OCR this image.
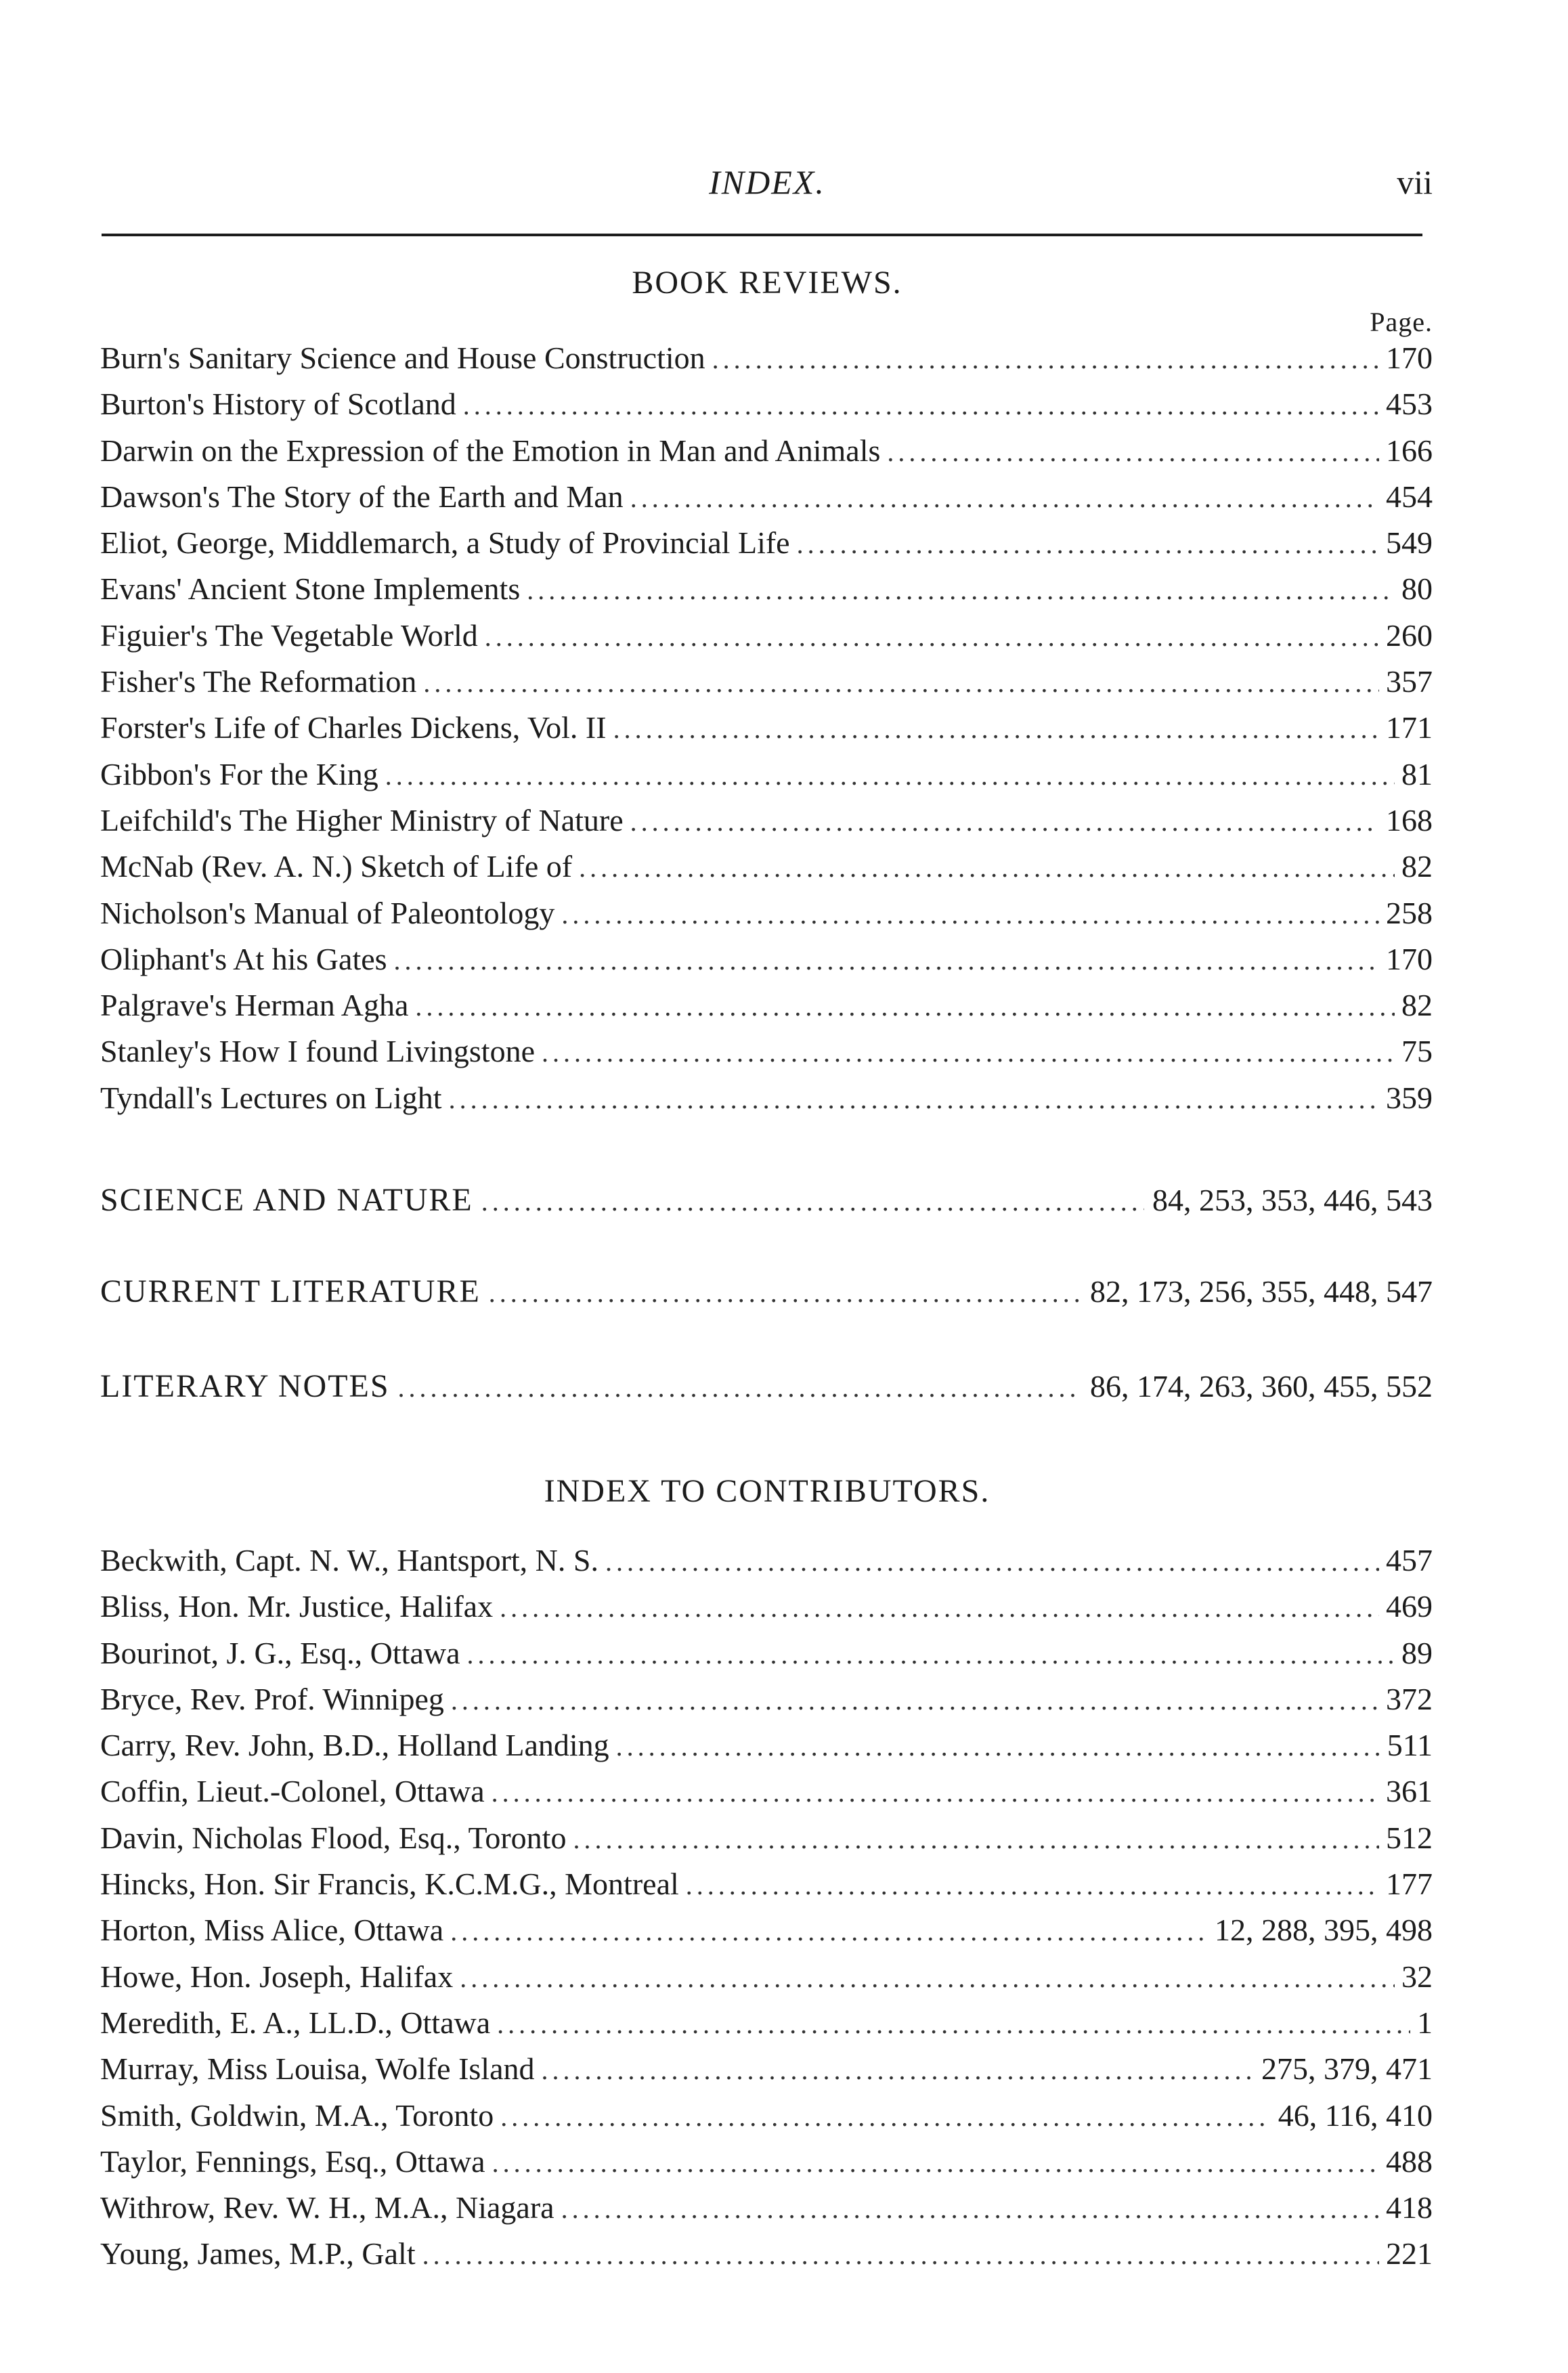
INDEX.	vii
BOOK REVIEWS.
Page.
Burn's Sanitary Science and House Construction .....	170
Burton's History of Scotland .....	453
Darwin on the Expression of the Emotion in Man and Animals .....	166
Dawson's The Story of the Earth and Man .....	454
Eliot, George, Middlemarch, a Study of Provincial Life .....	549
Evans' Ancient Stone Implements .....	80
Figuier's The Vegetable World .....	260
Fisher's The Reformation .....	357
Forster's Life of Charles Dickens, Vol. II .....	171
Gibbon's For the King .....	81
Leifchild's The Higher Ministry of Nature .....	168
McNab (Rev. A. N.) Sketch of Life of .....	82
Nicholson's Manual of Paleontology .....	258
Oliphant's At his Gates .....	170
Palgrave's Herman Agha .....	82
Stanley's How I found Livingstone .....	75
Tyndall's Lectures on Light .....	359
SCIENCE AND NATURE .....	84, 253, 353, 446, 543
CURRENT LITERATURE .....	82, 173, 256, 355, 448, 547
LITERARY NOTES .....	86, 174, 263, 360, 455, 552
INDEX TO CONTRIBUTORS.
Beckwith, Capt. N. W., Hantsport, N. S. .....	457
Bliss, Hon. Mr. Justice, Halifax .....	469
Bourinot, J. G., Esq., Ottawa .....	89
Bryce, Rev. Prof. Winnipeg .....	372
Carry, Rev. John, B.D., Holland Landing .....	511
Coffin, Lieut.-Colonel, Ottawa .....	361
Davin, Nicholas Flood, Esq., Toronto .....	512
Hincks, Hon. Sir Francis, K.C.M.G., Montreal .....	177
Horton, Miss Alice, Ottawa .....	12, 288, 395, 498
Howe, Hon. Joseph, Halifax .....	32
Meredith, E. A., LL.D., Ottawa .....	1
Murray, Miss Louisa, Wolfe Island .....	275, 379, 471
Smith, Goldwin, M.A., Toronto .....	46, 116, 410
Taylor, Fennings, Esq., Ottawa .....	488
Withrow, Rev. W. H., M.A., Niagara .....	418
Young, James, M.P., Galt .....	221
